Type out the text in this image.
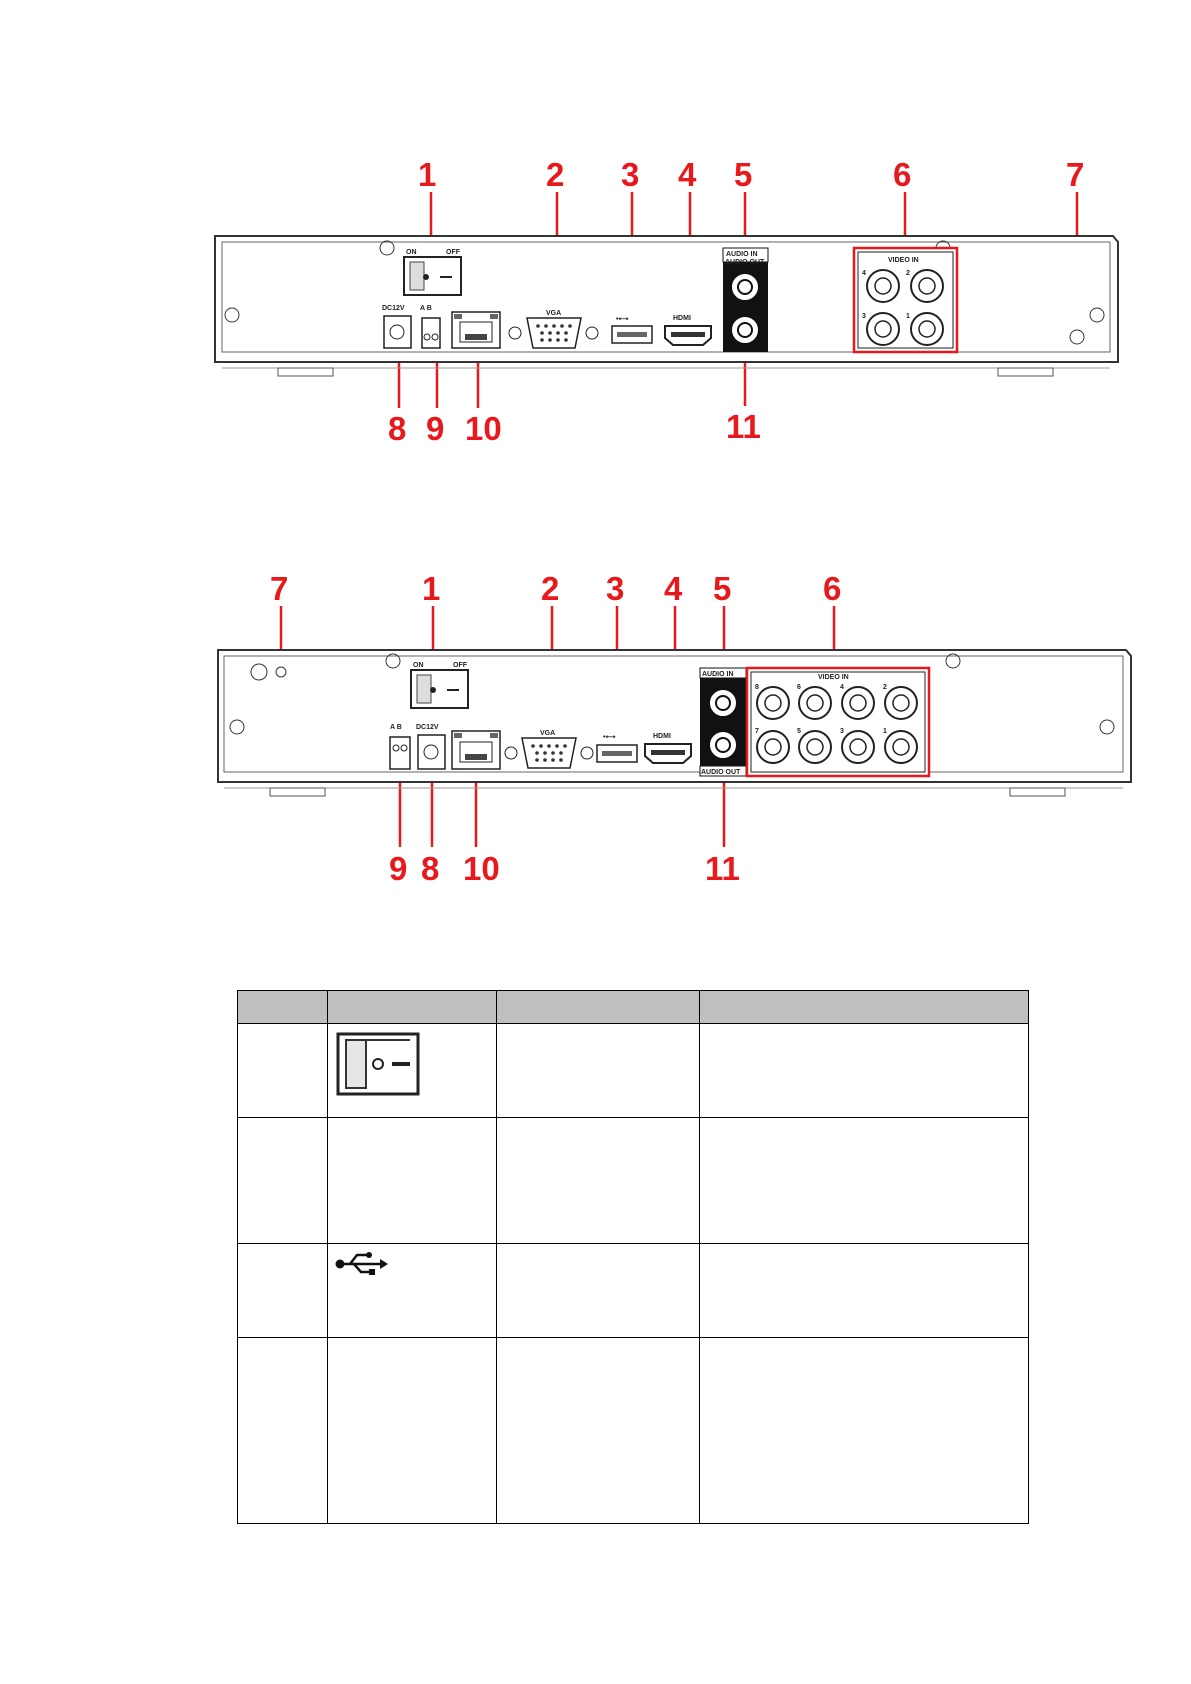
ON	OFF
DC12V A B
VGA
•⟷	HDMI
AUDIO IN
AUDIO OUT	VIDEO IN
4	2
3	1
1	2 3 4 5	6	7
8 9 10	11
ON	OFF
A B DC12V
VGA
•⟷	HDMI
AUDIO IN
AUDIO OUT
VIDEO IN
8	6	4	2
7	5	3	1
7	1	2 3 4 5	6
9 8 10	11
